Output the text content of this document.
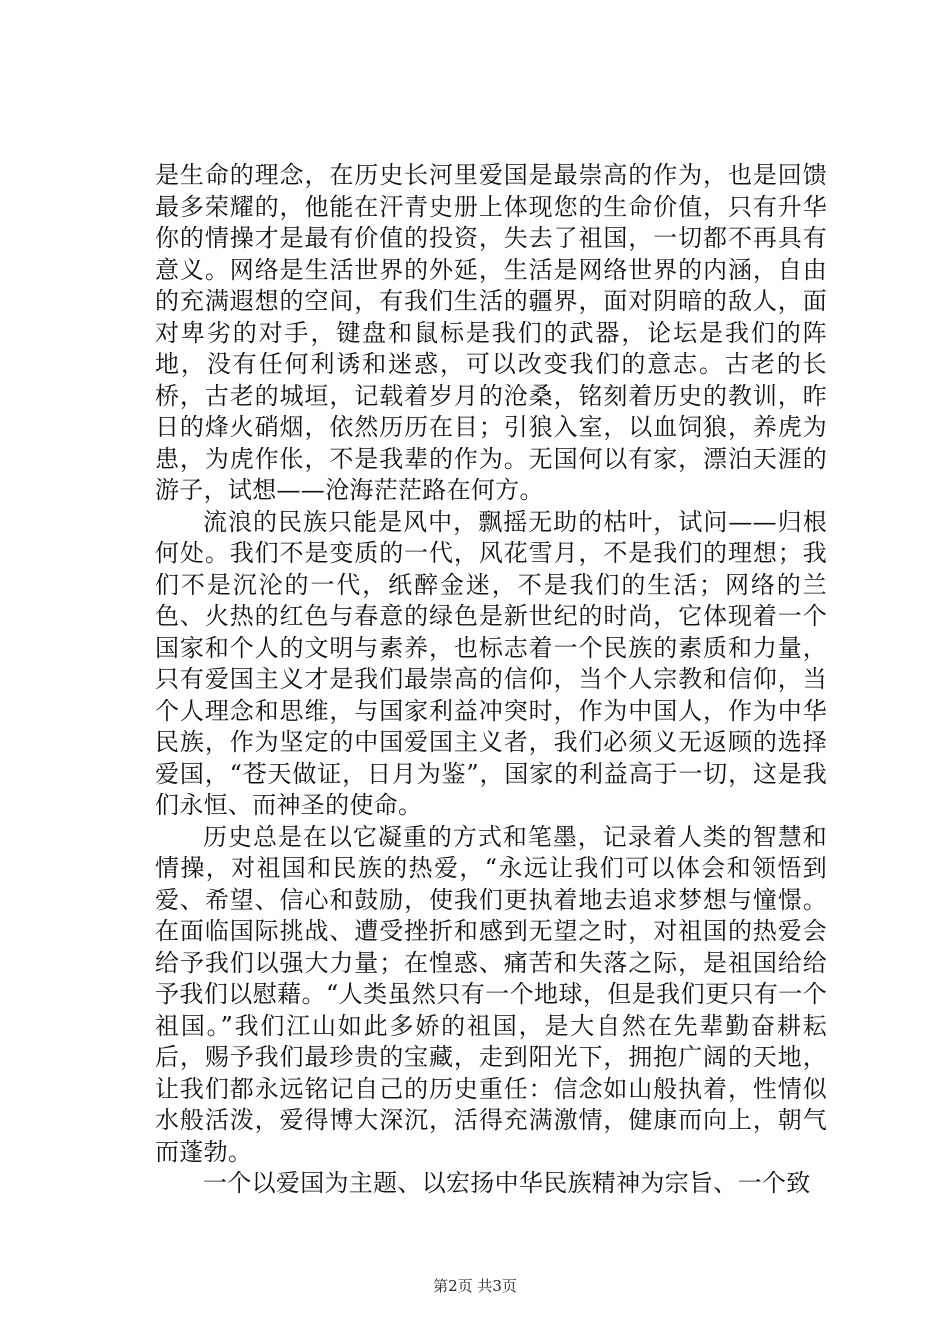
是生命的理念，在历史长河里爱国是最崇高的作为，也是回馈最多荣耀的，他能在汗青史册上体现您的生命价值，只有升华你的情操才是最有价值的投资，失去了祖国，一切都不再具有意义。网络是生活世界的外延，生活是网络世界的内涵，自由的充满遐想的空间，有我们生活的疆界，面对阴暗的敌人，面对卑劣的对手，键盘和鼠标是我们的武器，论坛是我们的阵地，没有任何利诱和迷惑，可以改变我们的意志。古老的长桥，古老的城垣，记载着岁月的沧桑，铭刻着历史的教训，昨日的烽火硝烟，依然历历在目；引狼入室，以血饲狼，养虎为患，为虎作伥，不是我辈的作为。无国何以有家，漂泊天涯的游子，试想——沧海茫茫路在何方。

流浪的民族只能是风中，飘摇无助的枯叶，试问——归根何处。我们不是变质的一代，风花雪月，不是我们的理想；我们不是沉沦的一代，纸醉金迷，不是我们的生活；网络的兰色、火热的红色与春意的绿色是新世纪的时尚，它体现着一个国家和个人的文明与素养，也标志着一个民族的素质和力量，只有爱国主义才是我们最崇高的信仰，当个人宗教和信仰，当个人理念和思维，与国家利益冲突时，作为中国人，作为中华民族，作为坚定的中国爱国主义者，我们必须义无返顾的选择爱国，“苍天做证，日月为鉴”，国家的利益高于一切，这是我们永恒、而神圣的使命。

历史总是在以它凝重的方式和笔墨，记录着人类的智慧和情操，对祖国和民族的热爱，“永远让我们可以体会和领悟到爱、希望、信心和鼓励，使我们更执着地去追求梦想与憧憬。在面临国际挑战、遭受挫折和感到无望之时，对祖国的热爱会给予我们以强大力量；在惶惑、痛苦和失落之际，是祖国给给予我们以慰藉。“人类虽然只有一个地球，但是我们更只有一个祖国。”我们江山如此多娇的祖国，是大自然在先辈勤奋耕耘后，赐予我们最珍贵的宝藏，走到阳光下，拥抱广阔的天地，让我们都永远铭记自己的历史重任：信念如山般执着，性情似水般活泼，爱得博大深沉，活得充满激情，健康而向上，朝气而蓬勃。

一个以爱国为主题、以宏扬中华民族精神为宗旨、一个致

第2页 共3页
